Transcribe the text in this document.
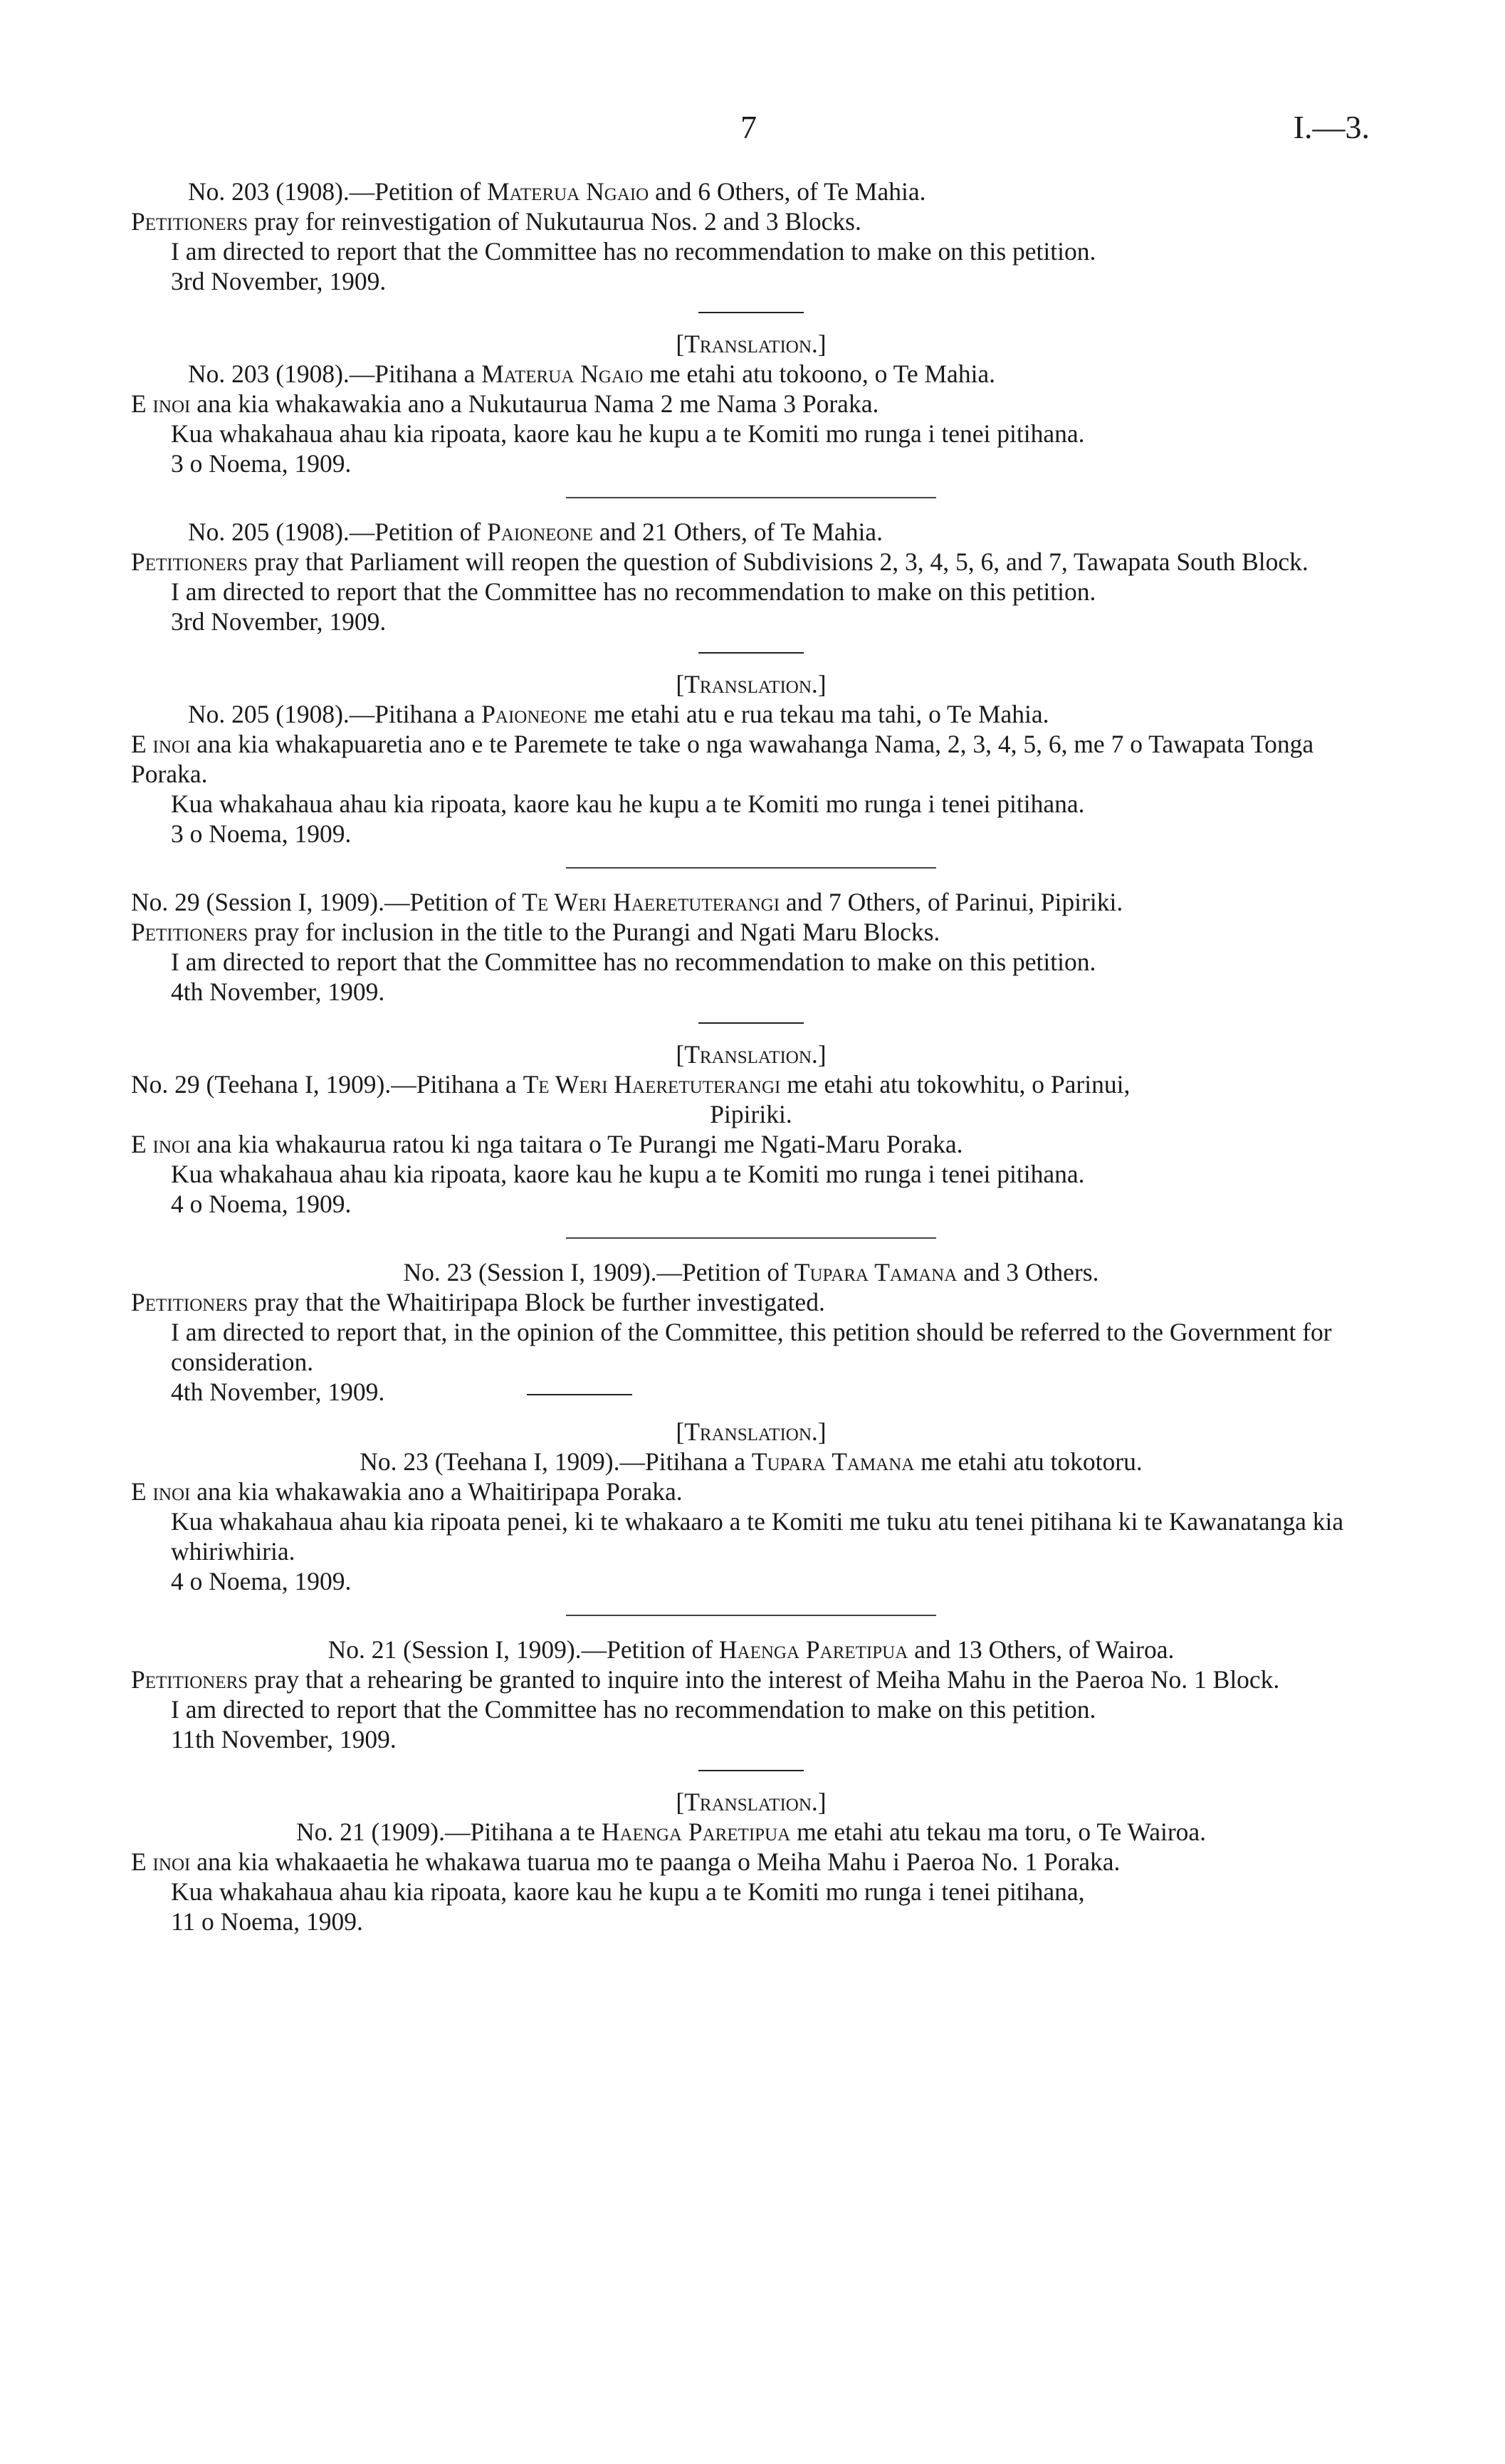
7	I.—3.

No. 203 (1908).—Petition of Materua Ngaio and 6 Others, of Te Mahia.

Petitioners pray for reinvestigation of Nukutaurua Nos. 2 and 3 Blocks.

I am directed to report that the Committee has no recommendation to make on this petition.

3rd November, 1909.

[Translation.]

No. 203 (1908).—Pitihana a Materua Ngaio me etahi atu tokoono, o Te Mahia.

E inoi ana kia whakawakia ano a Nukutaurua Nama 2 me Nama 3 Poraka.

Kua whakahaua ahau kia ripoata, kaore kau he kupu a te Komiti mo runga i tenei pitihana.

3 o Noema, 1909.

No. 205 (1908).—Petition of Paioneone and 21 Others, of Te Mahia.

Petitioners pray that Parliament will reopen the question of Subdivisions 2, 3, 4, 5, 6, and 7, Tawapata South Block.

I am directed to report that the Committee has no recommendation to make on this petition.

3rd November, 1909.

[Translation.]

No. 205 (1908).—Pitihana a Paioneone me etahi atu e rua tekau ma tahi, o Te Mahia.

E inoi ana kia whakapuaretia ano e te Paremete te take o nga wawahanga Nama, 2, 3, 4, 5, 6, me 7 o Tawapata Tonga Poraka.

Kua whakahaua ahau kia ripoata, kaore kau he kupu a te Komiti mo runga i tenei pitihana.

3 o Noema, 1909.

No. 29 (Session I, 1909).—Petition of Te Weri Haeretuterangi and 7 Others, of Parinui, Pipiriki.

Petitioners pray for inclusion in the title to the Purangi and Ngati Maru Blocks.

I am directed to report that the Committee has no recommendation to make on this petition.

4th November, 1909.

[Translation.]

No. 29 (Teehana I, 1909).—Pitihana a Te Weri Haeretuterangi me etahi atu tokowhitu, o Parinui,

Pipiriki.

E inoi ana kia whakaurua ratou ki nga taitara o Te Purangi me Ngati-Maru Poraka.

Kua whakahaua ahau kia ripoata, kaore kau he kupu a te Komiti mo runga i tenei pitihana.

4 o Noema, 1909.

No. 23 (Session I, 1909).—Petition of Tupara Tamana and 3 Others.

Petitioners pray that the Whaitiripapa Block be further investigated.

I am directed to report that, in the opinion of the Committee, this petition should be referred to the Government for consideration.

4th November, 1909.

[Translation.]

No. 23 (Teehana I, 1909).—Pitihana a Tupara Tamana me etahi atu tokotoru.

E inoi ana kia whakawakia ano a Whaitiripapa Poraka.

Kua whakahaua ahau kia ripoata penei, ki te whakaaro a te Komiti me tuku atu tenei pitihana ki te Kawanatanga kia whiriwhiria.

4 o Noema, 1909.

No. 21 (Session I, 1909).—Petition of Haenga Paretipua and 13 Others, of Wairoa.

Petitioners pray that a rehearing be granted to inquire into the interest of Meiha Mahu in the Paeroa No. 1 Block.

I am directed to report that the Committee has no recommendation to make on this petition.

11th November, 1909.

[Translation.]

No. 21 (1909).—Pitihana a te Haenga Paretipua me etahi atu tekau ma toru, o Te Wairoa.

E inoi ana kia whakaaetia he whakawa tuarua mo te paanga o Meiha Mahu i Paeroa No. 1 Poraka.

Kua whakahaua ahau kia ripoata, kaore kau he kupu a te Komiti mo runga i tenei pitihana,

11 o Noema, 1909.
